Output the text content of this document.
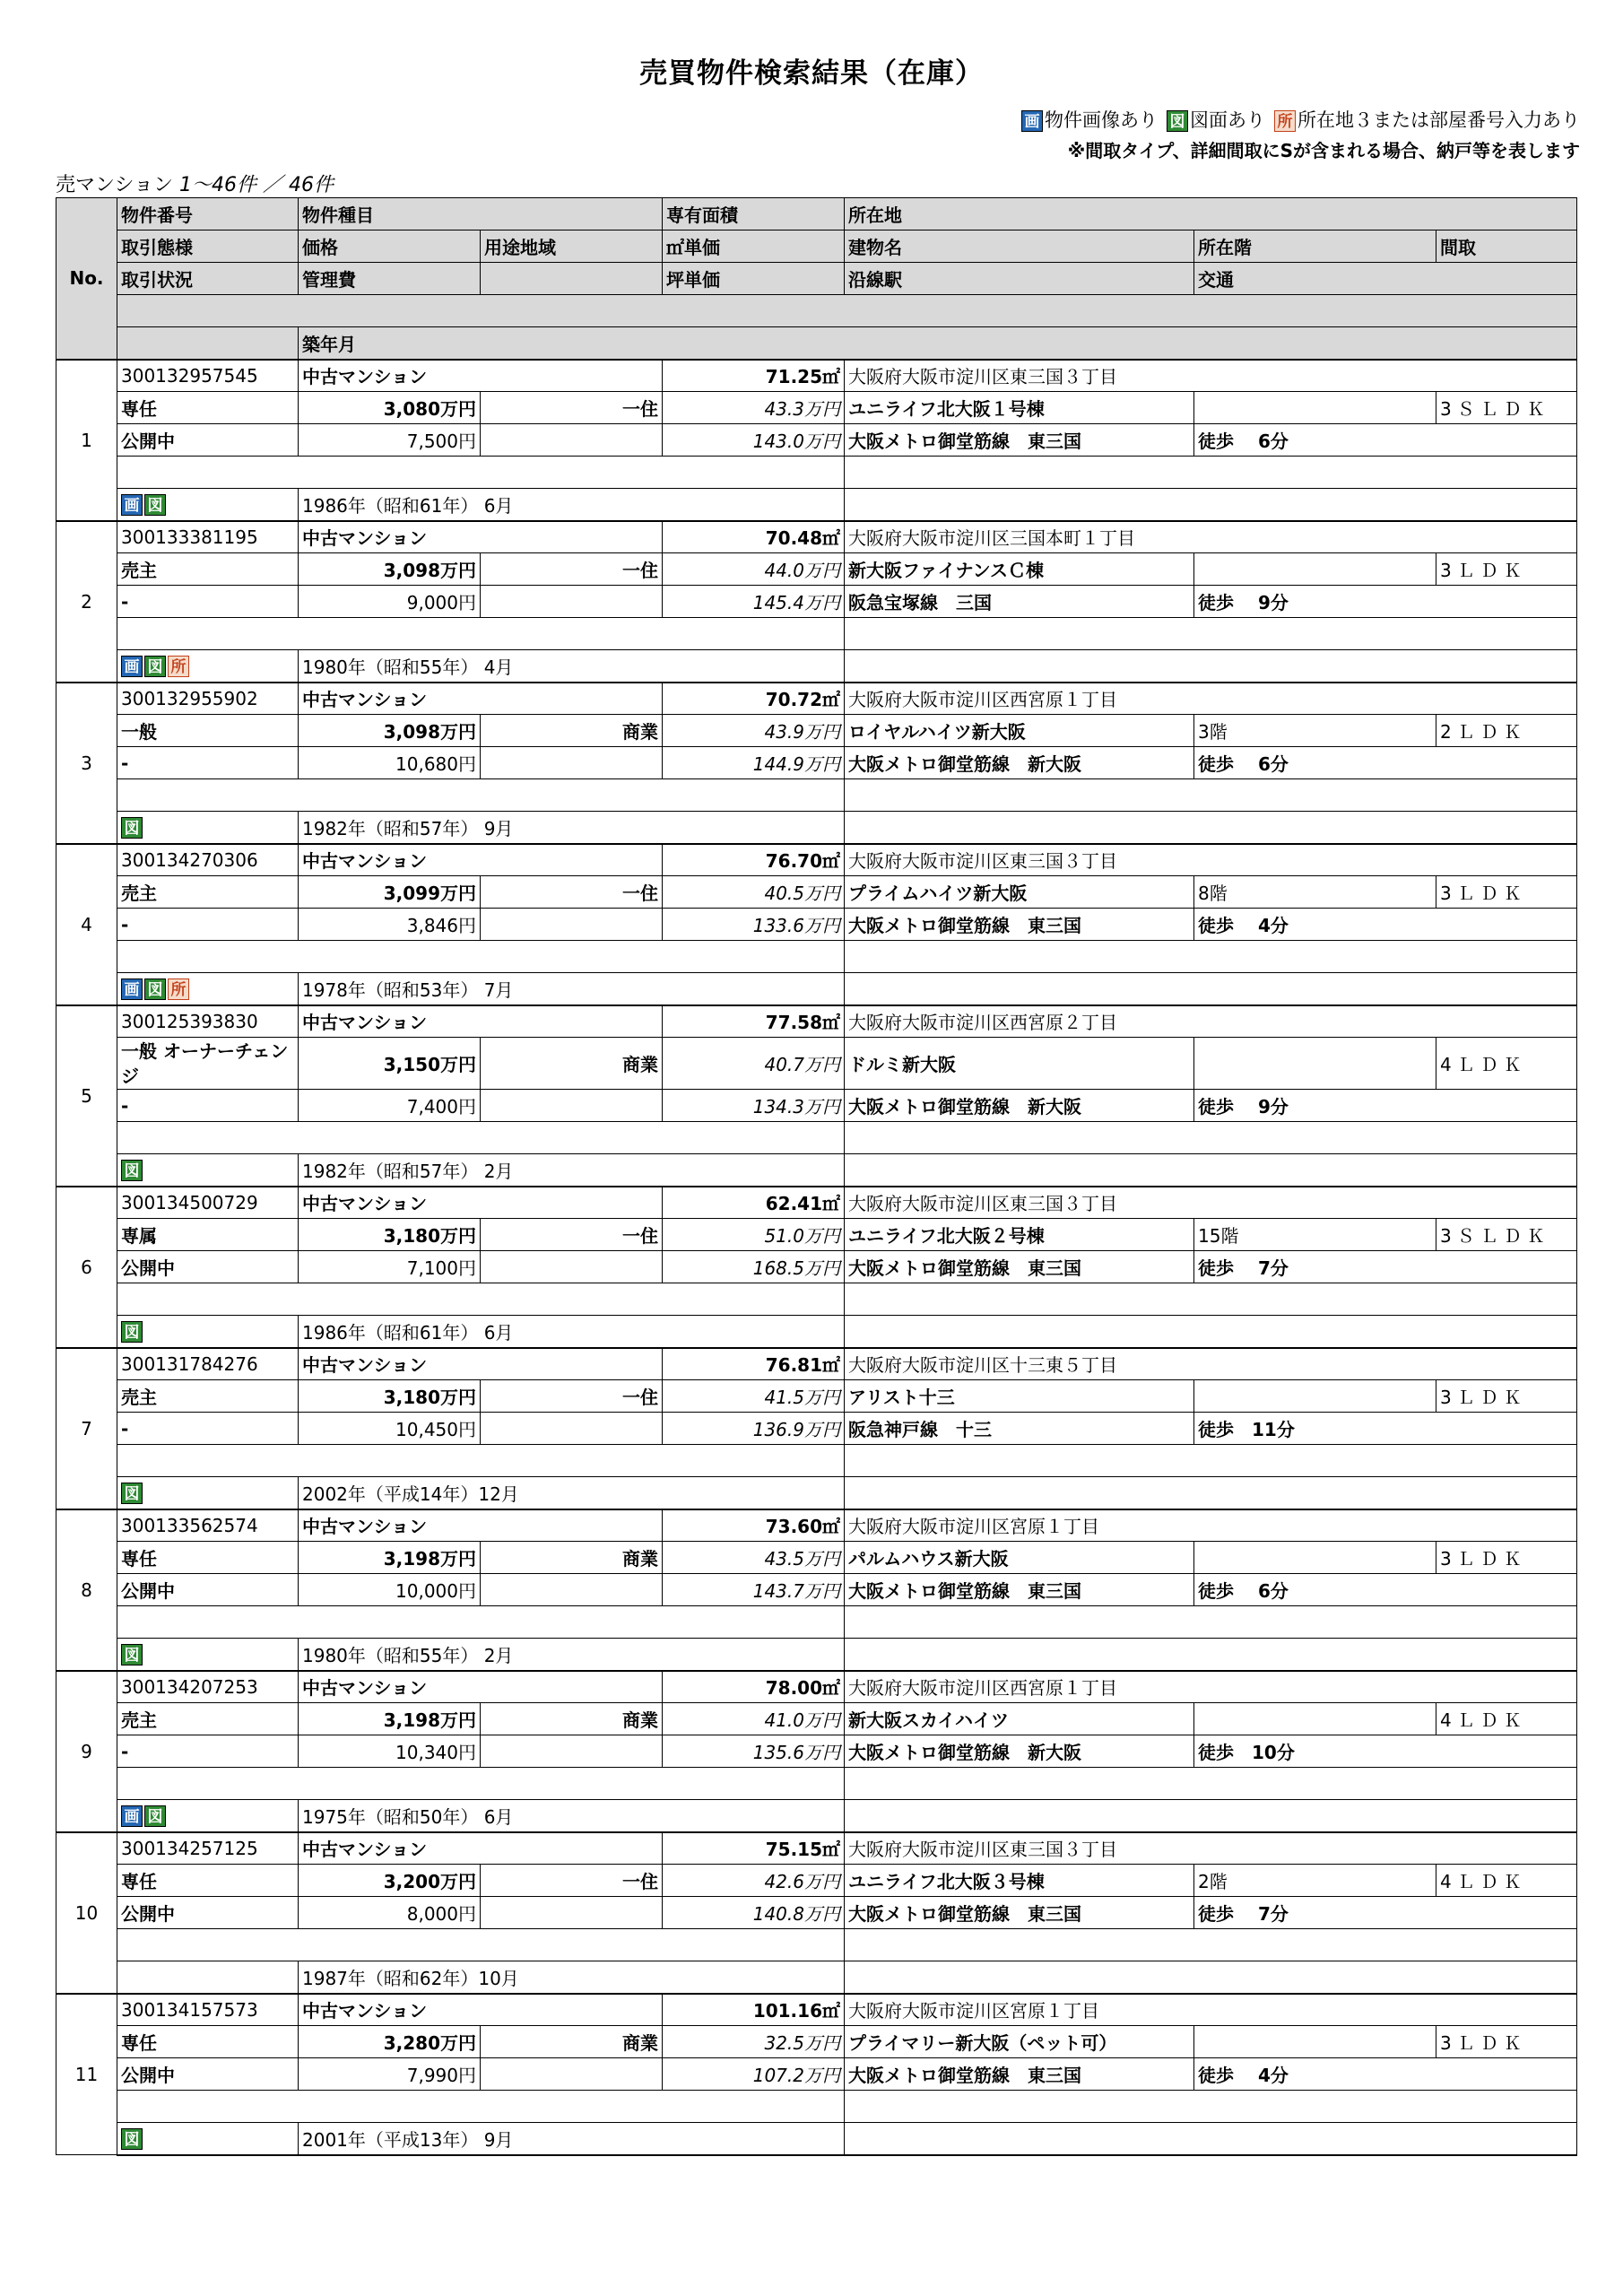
売買物件検索結果（在庫）
画 物件画像あり 図 図面あり 所 所在地３または部屋番号入力あり
※間取タイプ、詳細間取にSが含まれる場合、納戸等を表します
売マンション 1〜46件 ／ 46件
No.	物件番号	物件種目		専有面積	所在地		
	取引態様	価格	用途地域	㎡単価	建物名	所在階	間取
	取引状況	管理費		坪単価	沿線駅	交通	

		築年月					
1	300132957545	中古マンション		71.25㎡	大阪府大阪市淀川区東三国３丁目		
	専任	3,080万円	一住	43.3万円	ユニライフ北大阪１号棟		3ＳＬＤＫ
	公開中	7,500円		143.0万円	大阪メトロ御堂筋線　東三国	徒歩　 6分	

	画 図	1986年（昭和61年） 6月					
2	300133381195	中古マンション		70.48㎡	大阪府大阪市淀川区三国本町１丁目		
	売主	3,098万円	一住	44.0万円	新大阪ファイナンスＣ棟		3ＬＤＫ
	-	9,000円		145.4万円	阪急宝塚線　三国	徒歩　 9分	

	画 図 所	1980年（昭和55年） 4月					
3	300132955902	中古マンション		70.72㎡	大阪府大阪市淀川区西宮原１丁目		
	一般	3,098万円	商業	43.9万円	ロイヤルハイツ新大阪	3階	2ＬＤＫ
	-	10,680円		144.9万円	大阪メトロ御堂筋線　新大阪	徒歩　 6分	

	図	1982年（昭和57年） 9月					
4	300134270306	中古マンション		76.70㎡	大阪府大阪市淀川区東三国３丁目		
	売主	3,099万円	一住	40.5万円	プライムハイツ新大阪	8階	3ＬＤＫ
	-	3,846円		133.6万円	大阪メトロ御堂筋線　東三国	徒歩　 4分	

	画 図 所	1978年（昭和53年） 7月					
5	300125393830	中古マンション		77.58㎡	大阪府大阪市淀川区西宮原２丁目		
	一般 オーナーチェンジ	3,150万円	商業	40.7万円	ドルミ新大阪		4ＬＤＫ
	-	7,400円		134.3万円	大阪メトロ御堂筋線　新大阪	徒歩　 9分	

	図	1982年（昭和57年） 2月					
6	300134500729	中古マンション		62.41㎡	大阪府大阪市淀川区東三国３丁目		
	専属	3,180万円	一住	51.0万円	ユニライフ北大阪２号棟	15階	3ＳＬＤＫ
	公開中	7,100円		168.5万円	大阪メトロ御堂筋線　東三国	徒歩　 7分	

	図	1986年（昭和61年） 6月					
7	300131784276	中古マンション		76.81㎡	大阪府大阪市淀川区十三東５丁目		
	売主	3,180万円	一住	41.5万円	アリスト十三		3ＬＤＫ
	-	10,450円		136.9万円	阪急神戸線　十三	徒歩　11分	

	図	2002年（平成14年）12月					
8	300133562574	中古マンション		73.60㎡	大阪府大阪市淀川区宮原１丁目		
	専任	3,198万円	商業	43.5万円	パルムハウス新大阪		3ＬＤＫ
	公開中	10,000円		143.7万円	大阪メトロ御堂筋線　東三国	徒歩　 6分	

	図	1980年（昭和55年） 2月					
9	300134207253	中古マンション		78.00㎡	大阪府大阪市淀川区西宮原１丁目		
	売主	3,198万円	商業	41.0万円	新大阪スカイハイツ		4ＬＤＫ
	-	10,340円		135.6万円	大阪メトロ御堂筋線　新大阪	徒歩　10分	

	画 図	1975年（昭和50年） 6月					
10	300134257125	中古マンション		75.15㎡	大阪府大阪市淀川区東三国３丁目		
	専任	3,200万円	一住	42.6万円	ユニライフ北大阪３号棟	2階	4ＬＤＫ
	公開中	8,000円		140.8万円	大阪メトロ御堂筋線　東三国	徒歩　 7分	

		1987年（昭和62年）10月					
11	300134157573	中古マンション		101.16㎡	大阪府大阪市淀川区宮原１丁目		
	専任	3,280万円	商業	32.5万円	プライマリー新大阪（ペット可）		3ＬＤＫ
	公開中	7,990円		107.2万円	大阪メトロ御堂筋線　東三国	徒歩　 4分	

	図	2001年（平成13年） 9月					
